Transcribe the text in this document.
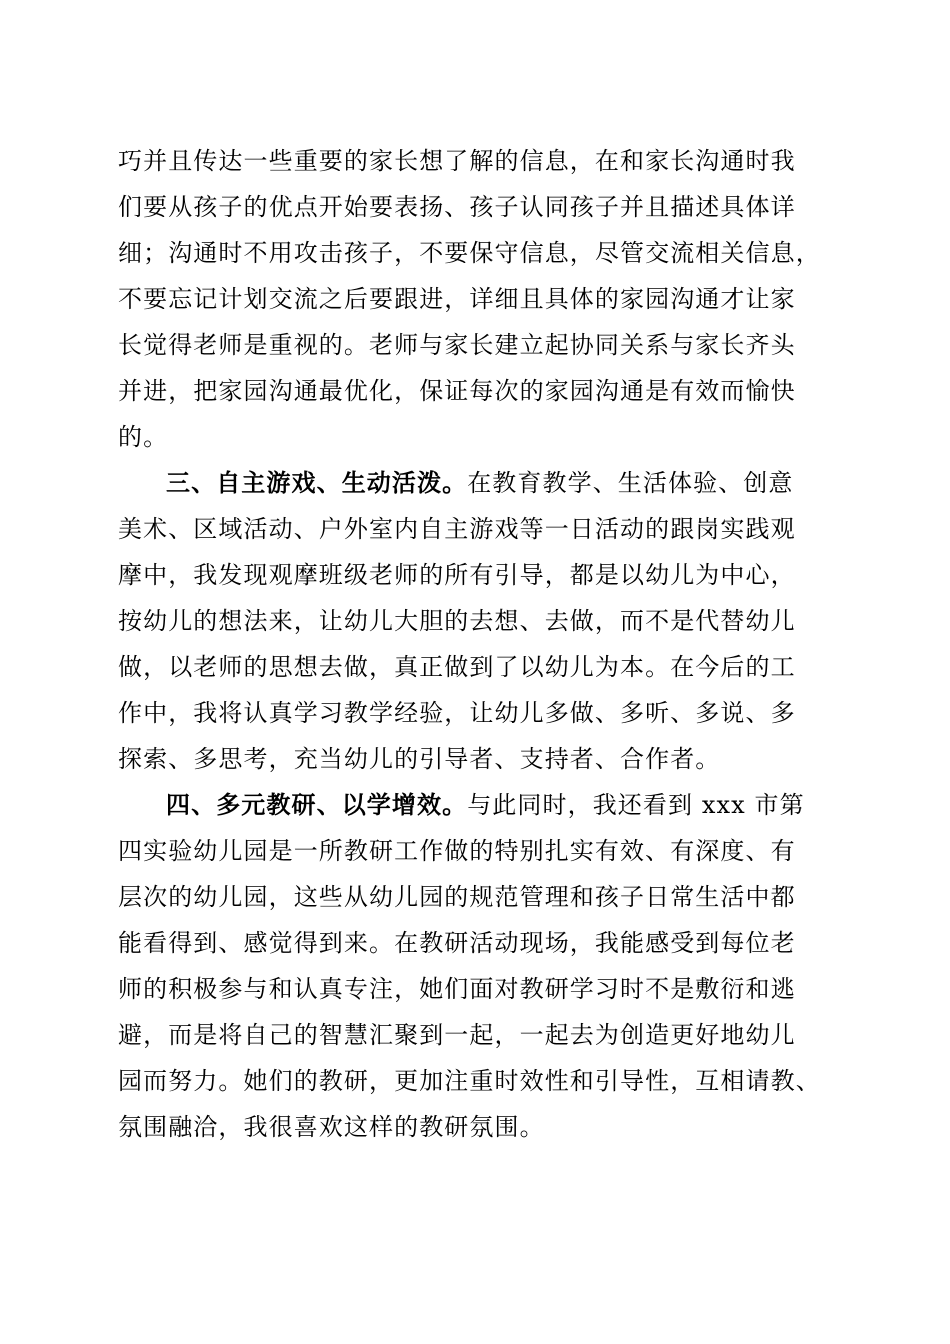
巧并且传达一些重要的家长想了解的信息，在和家长沟通时我
们要从孩子的优点开始要表扬、孩子认同孩子并且描述具体详
细；沟通时不用攻击孩子，不要保守信息，尽管交流相关信息，
不要忘记计划交流之后要跟进，详细且具体的家园沟通才让家
长觉得老师是重视的。老师与家长建立起协同关系与家长齐头
并进，把家园沟通最优化，保证每次的家园沟通是有效而愉快
的。
三、自主游戏、生动活泼。在教育教学、生活体验、创意
美术、区域活动、户外室内自主游戏等一日活动的跟岗实践观
摩中，我发现观摩班级老师的所有引导，都是以幼儿为中心，
按幼儿的想法来，让幼儿大胆的去想、去做，而不是代替幼儿
做，以老师的思想去做，真正做到了以幼儿为本。在今后的工
作中，我将认真学习教学经验，让幼儿多做、多听、多说、多
探索、多思考，充当幼儿的引导者、支持者、合作者。
四、多元教研、以学增效。与此同时，我还看到 xxx 市第
四实验幼儿园是一所教研工作做的特别扎实有效、有深度、有
层次的幼儿园，这些从幼儿园的规范管理和孩子日常生活中都
能看得到、感觉得到来。在教研活动现场，我能感受到每位老
师的积极参与和认真专注，她们面对教研学习时不是敷衍和逃
避，而是将自己的智慧汇聚到一起，一起去为创造更好地幼儿
园而努力。她们的教研，更加注重时效性和引导性，互相请教、
氛围融洽，我很喜欢这样的教研氛围。
